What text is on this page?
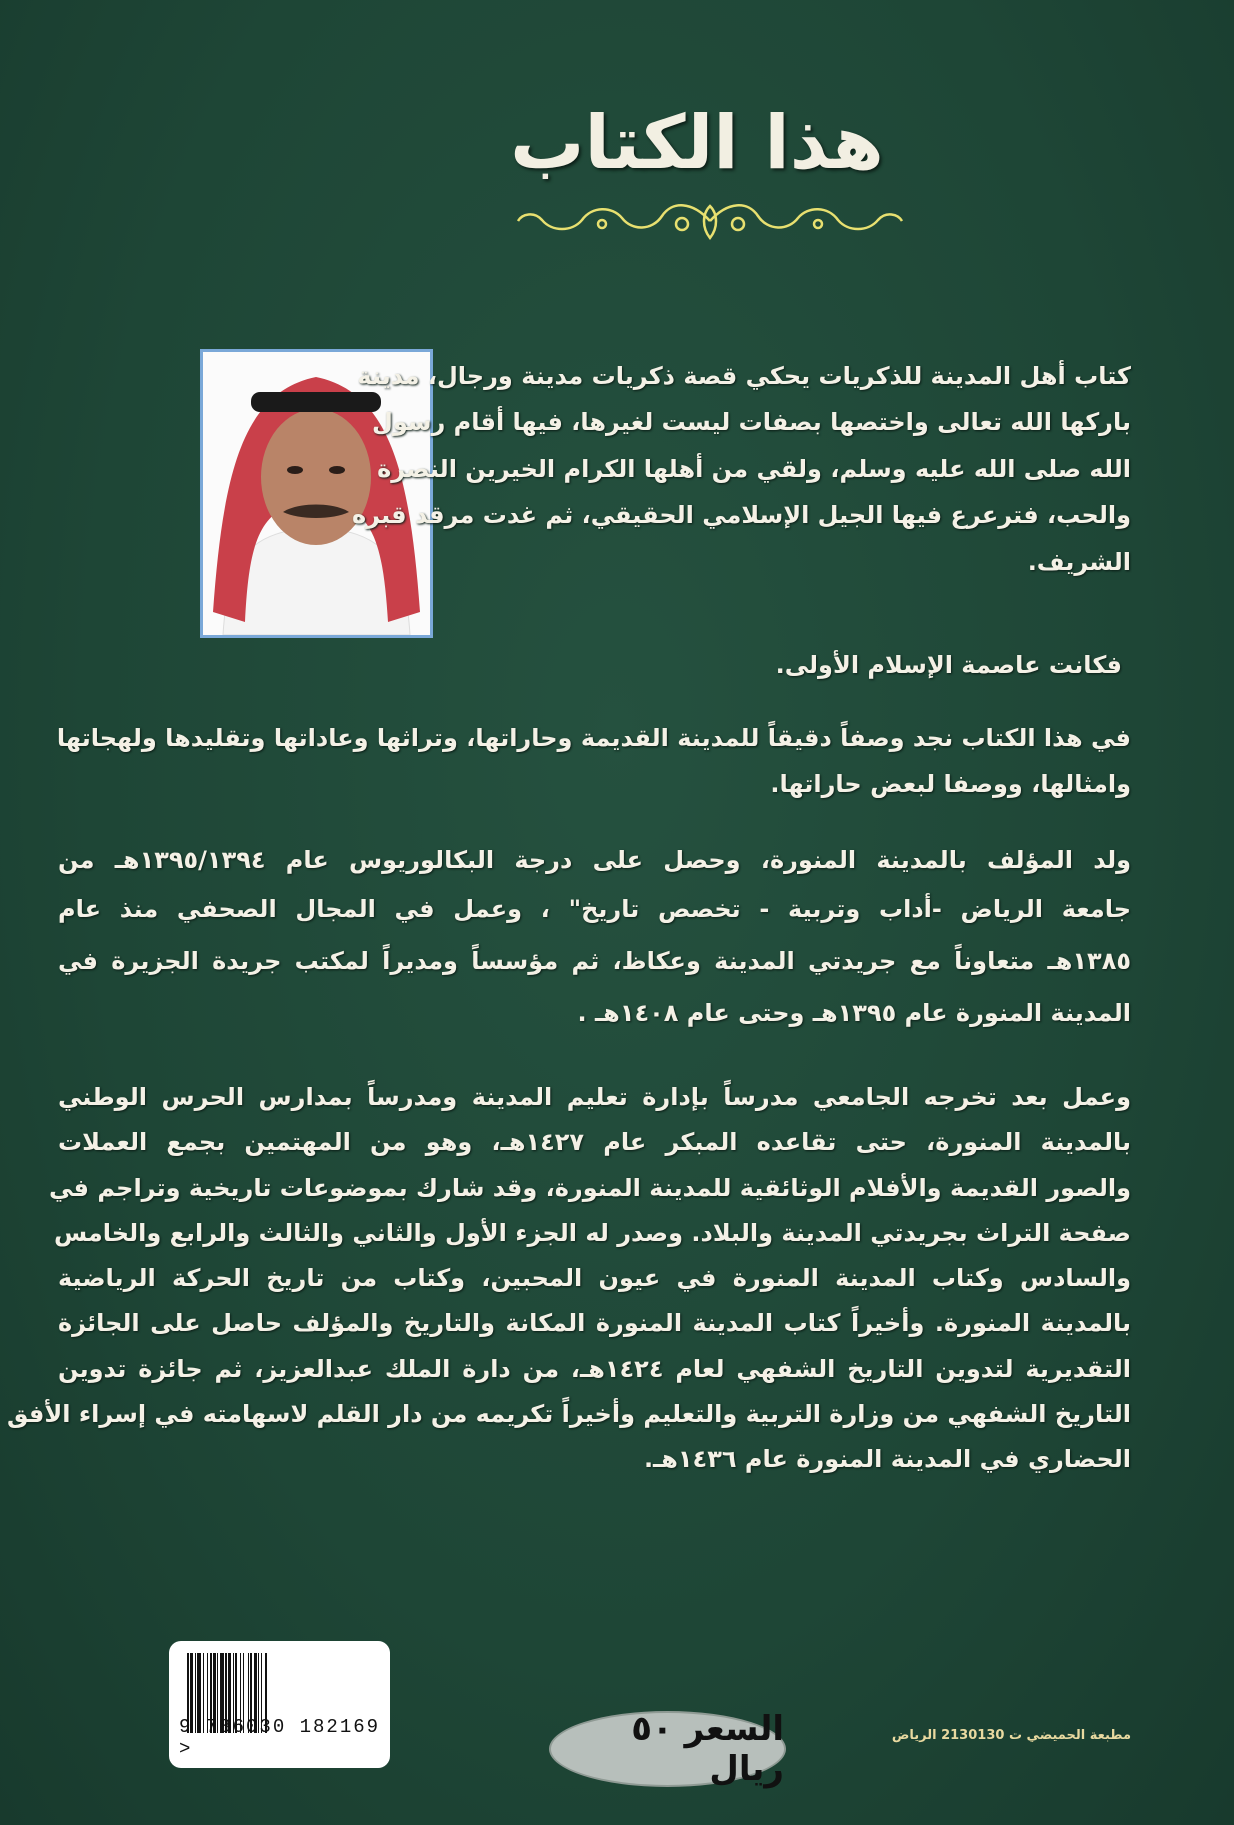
هذا الكتاب
كتاب أهل المدينة للذكريات يحكي قصة ذكريات مدينة ورجال، مدينة
باركها الله تعالى واختصها بصفات ليست لغيرها، فيها أقام رسول
الله صلى الله عليه وسلم، ولقي من أهلها الكرام الخيرين النصرة
والحب، فترعرع فيها الجيل الإسلامي الحقيقي، ثم غدت مرقد قبره
الشريف.
فكانت عاصمة الإسلام الأولى.
في هذا الكتاب نجد وصفاً دقيقاً للمدينة القديمة وحاراتها، وتراثها وعاداتها وتقليدها ولهجاتها
وامثالها، ووصفا لبعض حاراتها.
ولد المؤلف بالمدينة المنورة، وحصل على درجة البكالوريوس عام ١٣٩٥/١٣٩٤هـ من
جامعة الرياض -أداب وتربية - تخصص تاريخ" ، وعمل في المجال الصحفي منذ عام
١٣٨٥هـ متعاوناً مع جريدتي المدينة وعكاظ، ثم مؤسساً ومديراً لمكتب جريدة الجزيرة في
المدينة المنورة عام ١٣٩٥هـ وحتى عام ١٤٠٨هـ .
وعمل بعد تخرجه الجامعي مدرساً بإدارة تعليم المدينة ومدرساً بمدارس الحرس الوطني
بالمدينة المنورة، حتى تقاعده المبكر عام ١٤٢٧هـ، وهو من المهتمين بجمع العملات
والصور القديمة والأفلام الوثائقية للمدينة المنورة، وقد شارك بموضوعات تاريخية وتراجم في
صفحة التراث بجريدتي المدينة والبلاد. وصدر له الجزء الأول والثاني والثالث والرابع والخامس
والسادس وكتاب المدينة المنورة في عيون المحبين، وكتاب من تاريخ الحركة الرياضية
بالمدينة المنورة. وأخيراً كتاب المدينة المنورة المكانة والتاريخ والمؤلف حاصل على الجائزة
التقديرية لتدوين التاريخ الشفهي لعام ١٤٢٤هـ، من دارة الملك عبدالعزيز، ثم جائزة تدوين
التاريخ الشفهي من وزارة التربية والتعليم وأخيراً تكريمه من دار القلم لاسهامته في إسراء الأفق
الحضاري في المدينة المنورة عام ١٤٣٦هـ.
9 786030 182169 >	السعر ٥٠ ريال
مطبعة الحميضي ت 2130130 الرياض
